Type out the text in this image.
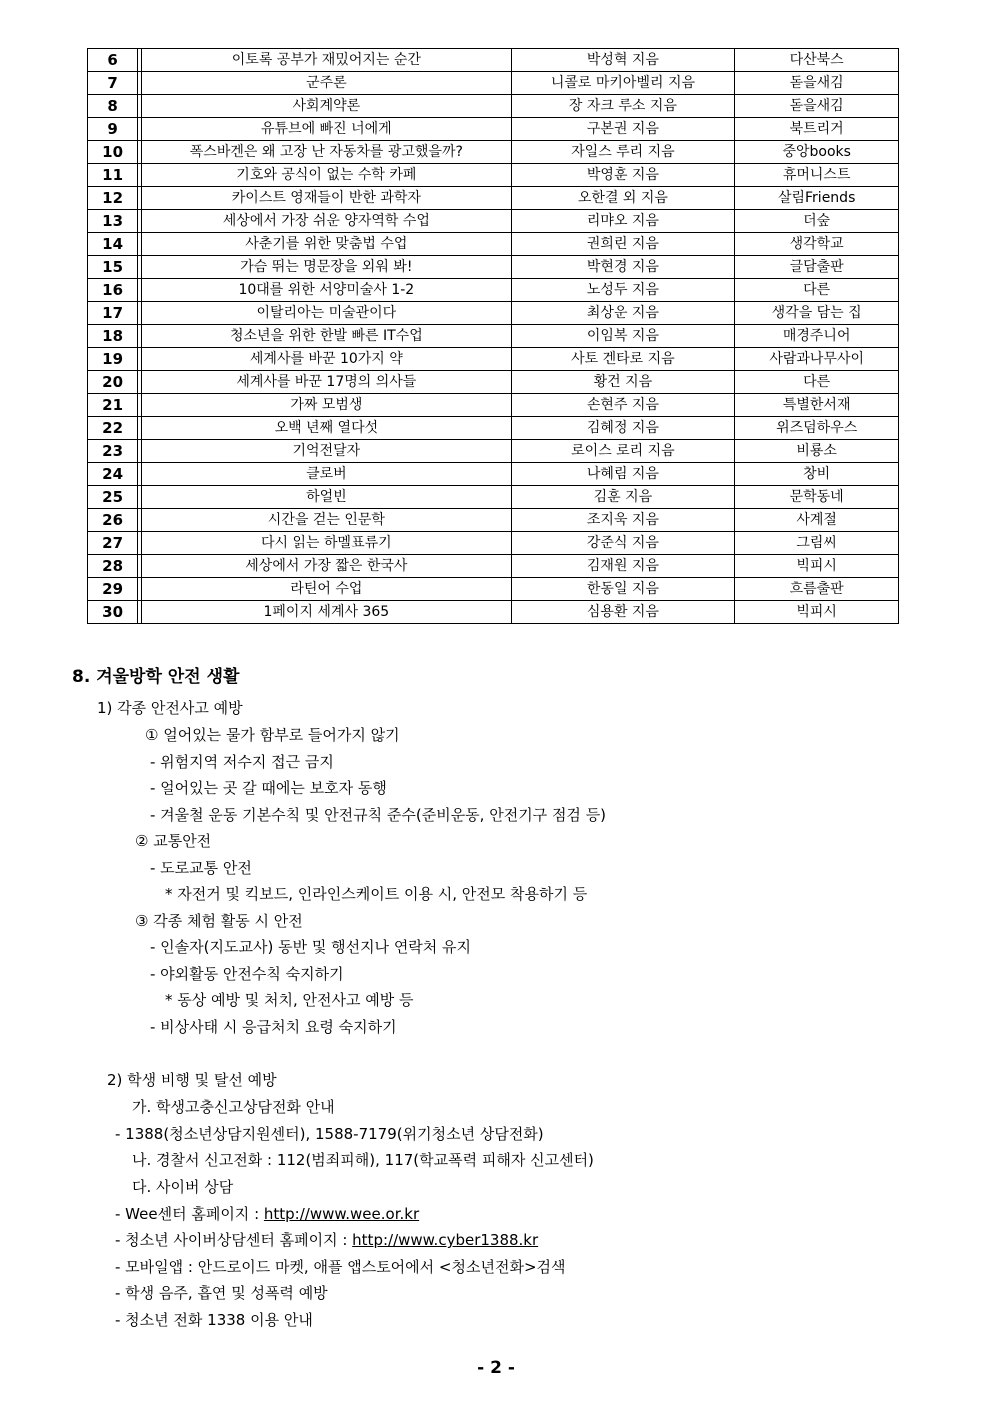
6		이토록 공부가 재밌어지는 순간	박성혁 지음	다산북스
7		군주론	니콜로 마키아벨리 지음	돋을새김
8		사회계약론	장 자크 루소 지음	돋을새김
9		유튜브에 빠진 너에게	구본권 지음	북트리거
10		폭스바겐은 왜 고장 난 자동차를 광고했을까?	자일스 루리 지음	중앙books
11		기호와 공식이 없는 수학 카페	박영훈 지음	휴머니스트
12		카이스트 영재들이 반한 과학자	오한결 외 지음	살림Friends
13		세상에서 가장 쉬운 양자역학 수업	리먀오 지음	더숲
14		사춘기를 위한 맞춤법 수업	권희린 지음	생각학교
15		가슴 뛰는 명문장을 외워 봐!	박현경 지음	글담출판
16		10대를 위한 서양미술사 1-2	노성두 지음	다른
17		이탈리아는 미술관이다	최상운 지음	생각을 담는 집
18		청소년을 위한 한발 빠른 IT수업	이임복 지음	매경주니어
19		세계사를 바꾼 10가지 약	사토 겐타로 지음	사람과나무사이
20		세계사를 바꾼 17명의 의사들	황건 지음	다른
21		가짜 모범생	손현주 지음	특별한서재
22		오백 년째 열다섯	김혜정 지음	위즈덤하우스
23		기억전달자	로이스 로리 지음	비룡소
24		클로버	나혜림 지음	창비
25		하얼빈	김훈 지음	문학동네
26		시간을 걷는 인문학	조지욱 지음	사계절
27		다시 읽는 하멜표류기	강준식 지음	그림씨
28		세상에서 가장 짧은 한국사	김재원 지음	빅피시
29		라틴어 수업	한동일 지음	흐름출판
30		1페이지 세계사 365	심용환 지음	빅피시
8. 겨울방학 안전 생활
1) 각종 안전사고 예방
① 얼어있는 물가 함부로 들어가지 않기
- 위험지역 저수지 접근 금지
- 얼어있는 곳 갈 때에는 보호자 동행
- 겨울철 운동 기본수칙 및 안전규칙 준수(준비운동, 안전기구 점검 등)
② 교통안전
- 도로교통 안전
* 자전거 및 킥보드, 인라인스케이트 이용 시, 안전모 착용하기 등
③ 각종 체험 활동 시 안전
- 인솔자(지도교사) 동반 및 행선지나 연락처 유지
- 야외활동 안전수칙 숙지하기
* 동상 예방 및 처치, 안전사고 예방 등
- 비상사태 시 응급처치 요령 숙지하기
2) 학생 비행 및 탈선 예방
가. 학생고충신고상담전화 안내
- 1388(청소년상담지원센터), 1588-7179(위기청소년 상담전화)
나. 경찰서 신고전화 : 112(범죄피해), 117(학교폭력 피해자 신고센터)
다. 사이버 상담
- Wee센터 홈페이지 : http://www.wee.or.kr
- 청소년 사이버상담센터 홈페이지 : http://www.cyber1388.kr
- 모바일앱 : 안드로이드 마켓, 애플 앱스토어에서 <청소년전화>검색
- 학생 음주, 흡연 및 성폭력 예방
- 청소년 전화 1338 이용 안내
- 2 -
